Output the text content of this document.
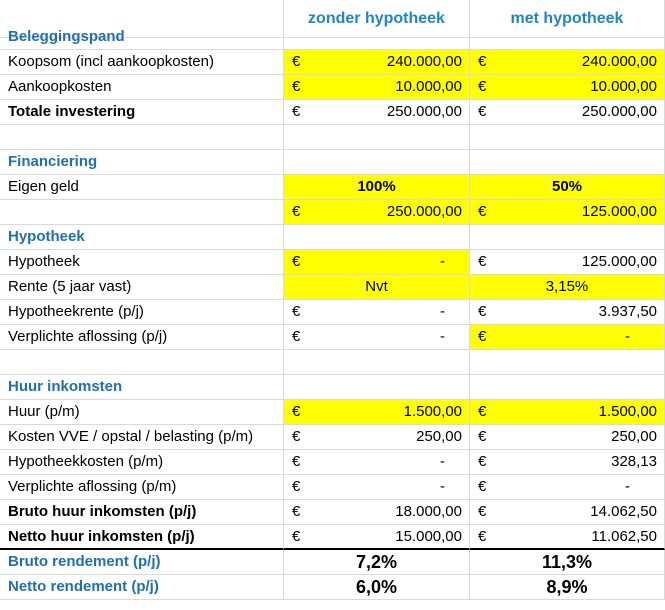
zonder hypotheek	met hypotheek
Beleggingspand
Koopsom (incl aankoopkosten)	€	240.000,00 €	240.000,00
Aankoopkosten	€	10.000,00 €	10.000,00
Totale investering	€	250.000,00 €	250.000,00
Financiering
Eigen geld	100%	50%
€	250.000,00 €	125.000,00
Hypotheek
Hypotheek	€	- €	125.000,00
Rente (5 jaar vast)	Nvt	3,15%
Hypotheekrente (p/j)	€	- €	3.937,50
Verplichte aflossing (p/j)	€	- €	-
Huur inkomsten
Huur (p/m)	€	1.500,00 €	1.500,00
Kosten VVE / opstal / belasting (p/m)	€	250,00 €	250,00
Hypotheekkosten (p/m)	€	- €	328,13
Verplichte aflossing (p/m)	€	- €	-
Bruto huur inkomsten (p/j)	€	18.000,00 €	14.062,50
Netto huur inkomsten (p/j)	€	15.000,00 €	11.062,50
Bruto rendement (p/j)	7,2%	11,3%
Netto rendement (p/j)	6,0%	8,9%
